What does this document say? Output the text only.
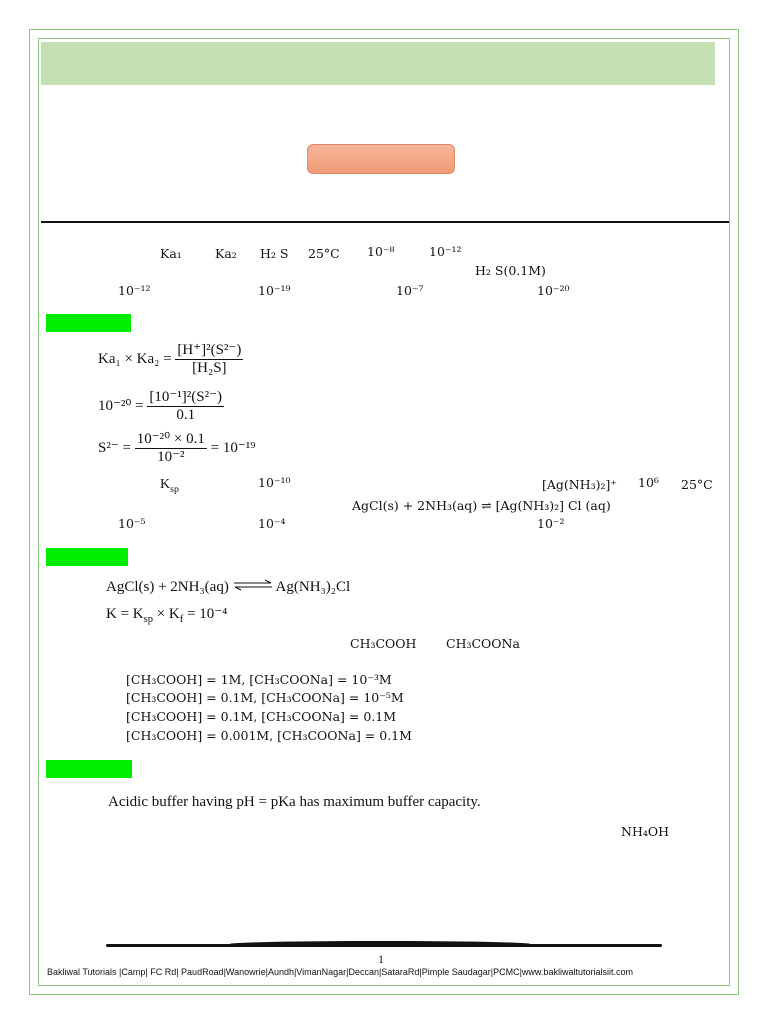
Ka₁	Ka₂ H₂ S 25°C 10⁻⁸	10⁻¹²
H₂ S(0.1M)
10⁻¹²	10⁻¹⁹	10⁻⁷	10⁻²⁰
$Ka_1 \times Ka_2 = \frac{\text{[H⁺]²(S²⁻)}}{\text{[H₂S]}}$
$10^{-20} = \frac{\text{[10⁻¹]²(S²⁻)}}{0.1}$
$S^{2-} = \frac{\text{10⁻²⁰ × 0.1}}{\text{10⁻²}} = 10^{-19}$
$K_{sp}$	10⁻¹⁰	[Ag(NH₃)₂]⁺ 10⁶ 25°C
AgCl(s) + 2NH₃(aq) ⇌ [Ag(NH₃)₂] Cl (aq)
10⁻⁵	10⁻⁴	10⁻²
AgCl(s) + 2NH₃(aq) ⇌ Ag(NH₃)₂Cl
$K = K_{sp} \times K_f = 10^{-4}$
CH₃COOH CH₃COONa
[CH₃COOH] = 1M, [CH₃COONa] = 10⁻³M
[CH₃COOH] = 0.1M, [CH₃COONa] = 10⁻⁵M
[CH₃COOH] = 0.1M, [CH₃COONa] = 0.1M
[CH₃COOH] = 0.001M, [CH₃COONa] = 0.1M
Acidic buffer having pH = pKa has maximum buffer capacity.
NH₄OH
1
Bakliwal Tutorials |Camp| FC Rd| PaudRoad|Wanowrie|Aundh|VimanNagar|Deccan|SataraRd|Pimple Saudagar|PCMC|www.bakliwaltutorialsiit.com
